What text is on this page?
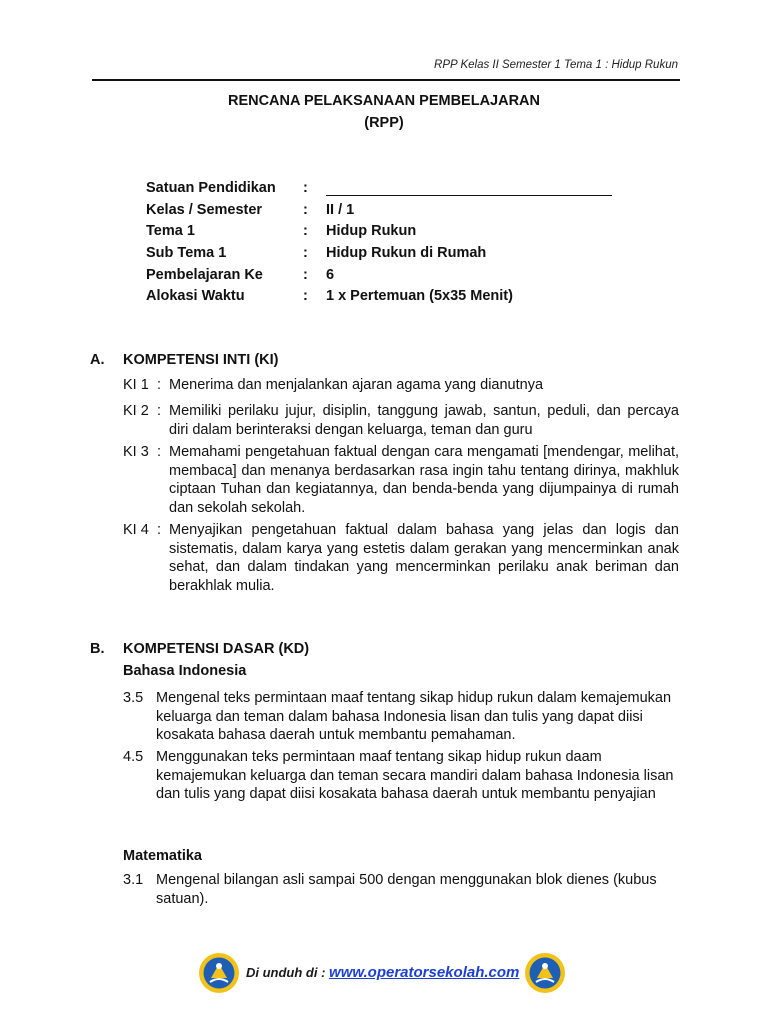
RPP Kelas II Semester 1 Tema 1 : Hidup Rukun
RENCANA PELAKSANAAN PEMBELAJARAN
(RPP)
Satuan Pendidikan :
Kelas / Semester	: II / 1
Tema 1	: Hidup Rukun
Sub Tema 1	: Hidup Rukun di Rumah
Pembelajaran Ke	: 6
Alokasi Waktu	: 1 x Pertemuan (5x35 Menit)
A. KOMPETENSI INTI (KI)
KI 1 : Menerima dan menjalankan ajaran agama yang dianutnya
KI 2 : Memiliki perilaku jujur, disiplin, tanggung jawab, santun, peduli, dan percaya diri dalam berinteraksi dengan keluarga, teman dan guru
KI 3 : Memahami pengetahuan faktual dengan cara mengamati [mendengar, melihat, membaca] dan menanya berdasarkan rasa ingin tahu tentang dirinya, makhluk ciptaan Tuhan dan kegiatannya, dan benda-benda yang dijumpainya di rumah dan sekolah sekolah.
KI 4 : Menyajikan pengetahuan faktual dalam bahasa yang jelas dan logis dan sistematis, dalam karya yang estetis dalam gerakan yang mencerminkan anak sehat, dan dalam tindakan yang mencerminkan perilaku anak beriman dan berakhlak mulia.
B. KOMPETENSI DASAR (KD)
Bahasa Indonesia
3.5 Mengenal teks permintaan maaf tentang sikap hidup rukun dalam kemajemukan keluarga dan teman dalam bahasa Indonesia lisan dan tulis yang dapat diisi kosakata bahasa daerah untuk membantu pemahaman.
4.5 Menggunakan teks permintaan maaf tentang sikap hidup rukun daam kemajemukan keluarga dan teman secara mandiri dalam bahasa Indonesia lisan dan tulis yang dapat diisi kosakata bahasa daerah untuk membantu penyajian
Matematika
3.1 Mengenal bilangan asli sampai 500 dengan menggunakan blok dienes (kubus satuan).
Di unduh di : www.operatorsekolah.com
